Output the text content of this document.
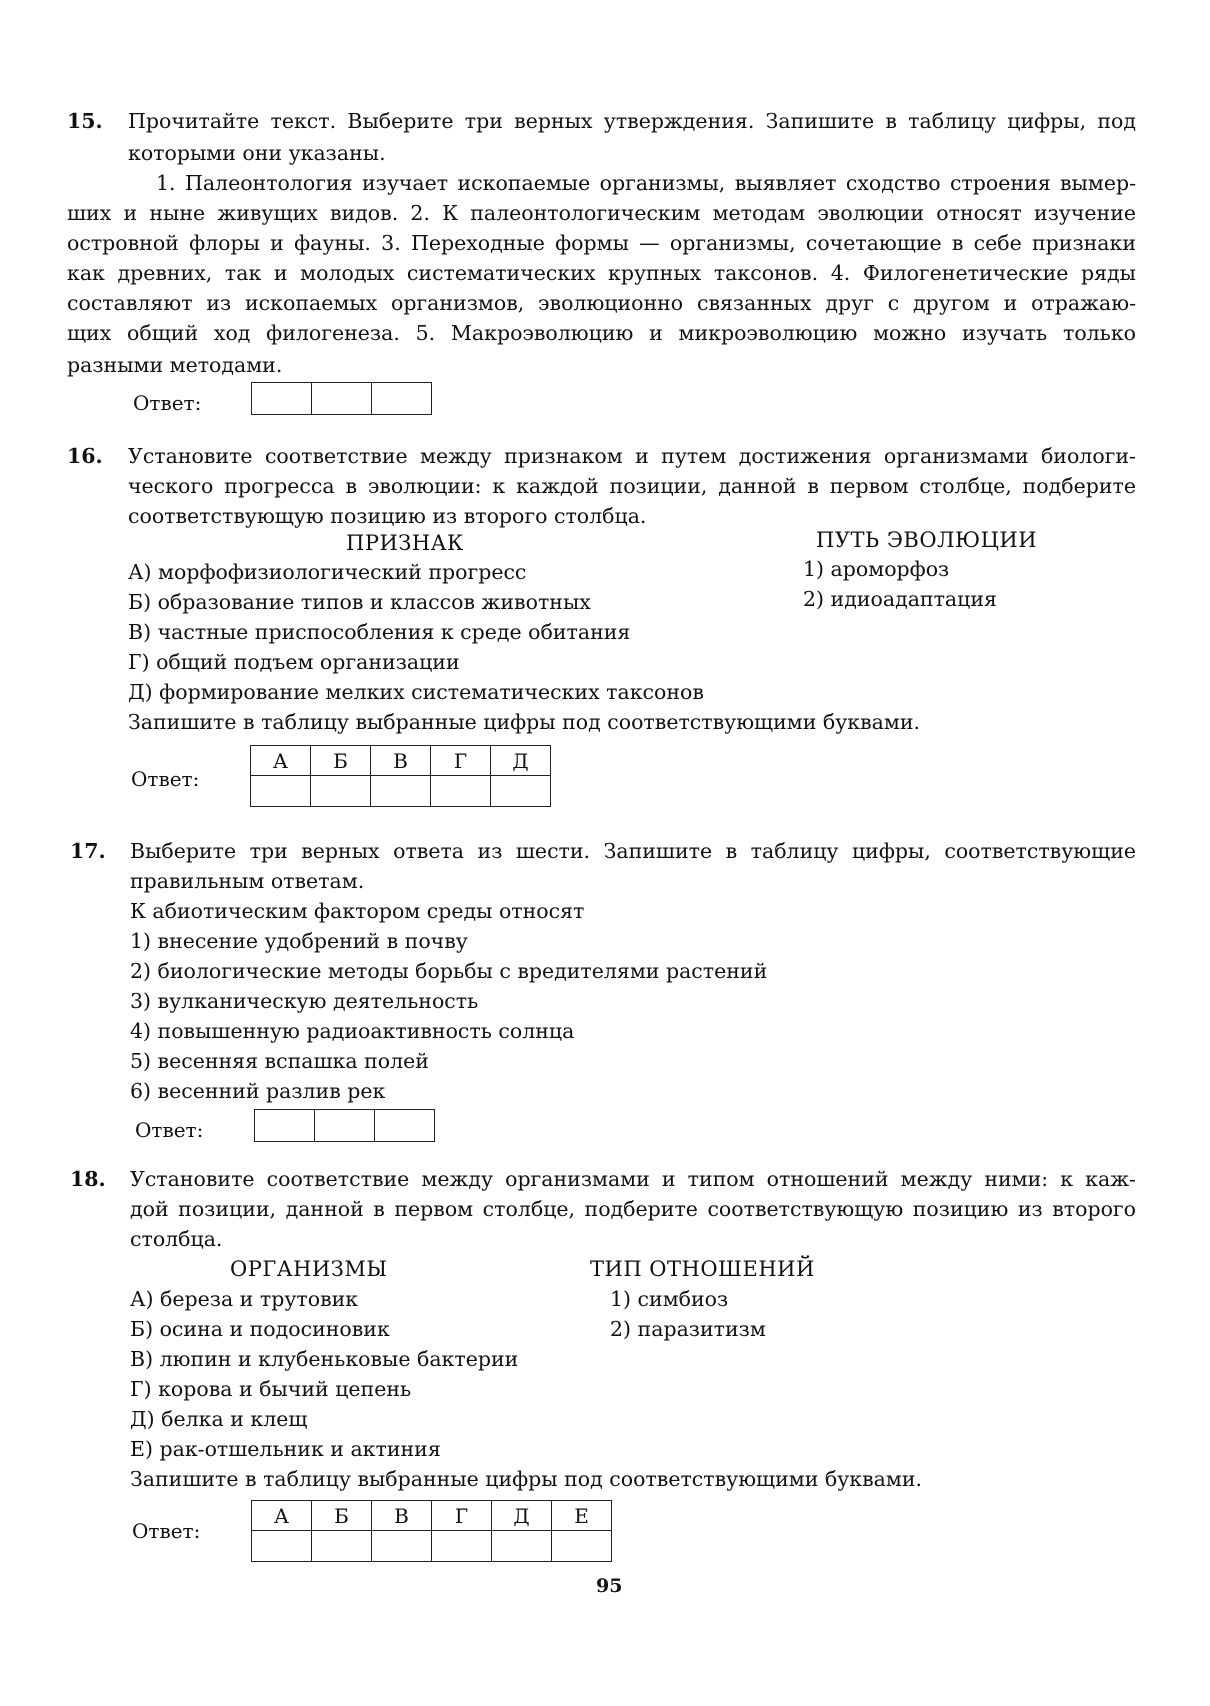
15. Прочитайте текст. Выберите три верных утверждения. Запишите в таблицу цифры, под
которыми они указаны.
1. Палеонтология изучает ископаемые организмы, выявляет сходство строения вымер-
ших и ныне живущих видов. 2. К палеонтологическим методам эволюции относят изучение
островной флоры и фауны. 3. Переходные формы — организмы, сочетающие в себе признаки
как древних, так и молодых систематических крупных таксонов. 4. Филогенетические ряды
составляют из ископаемых организмов, эволюционно связанных друг с другом и отражаю-
щих общий ход филогенеза. 5. Макроэволюцию и микроэволюцию можно изучать только
разными методами.
Ответ:

16. Установите соответствие между признаком и путем достижения организмами биологи-
ческого прогресса в эволюции: к каждой позиции, данной в первом столбце, подберите
соответствующую позицию из второго столбца.
ПРИЗНАК	ПУТЬ ЭВОЛЮЦИИ
А) морфофизиологический прогресс
Б) образование типов и классов животных
В) частные приспособления к среде обитания
Г) общий подъем организации
Д) формирование мелких систематических таксонов
1) ароморфоз
2) идиоадаптация
Запишите в таблицу выбранные цифры под соответствующими буквами.
Ответ:
А	Б	В	Г	Д

17. Выберите три верных ответа из шести. Запишите в таблицу цифры, соответствующие
правильным ответам.
К абиотическим фактором среды относят
1) внесение удобрений в почву
2) биологические методы борьбы с вредителями растений
3) вулканическую деятельность
4) повышенную радиоактивность солнца
5) весенняя вспашка полей
6) весенний разлив рек
Ответ:

18. Установите соответствие между организмами и типом отношений между ними: к каж-
дой позиции, данной в первом столбце, подберите соответствующую позицию из второго
столбца.
ОРГАНИЗМЫ	ТИП ОТНОШЕНИЙ
А) береза и трутовик
Б) осина и подосиновик
В) люпин и клубеньковые бактерии
Г) корова и бычий цепень
Д) белка и клещ
Е) рак-отшельник и актиния
1) симбиоз
2) паразитизм
Запишите в таблицу выбранные цифры под соответствующими буквами.
Ответ:
А	Б	В	Г	Д	Е

95
